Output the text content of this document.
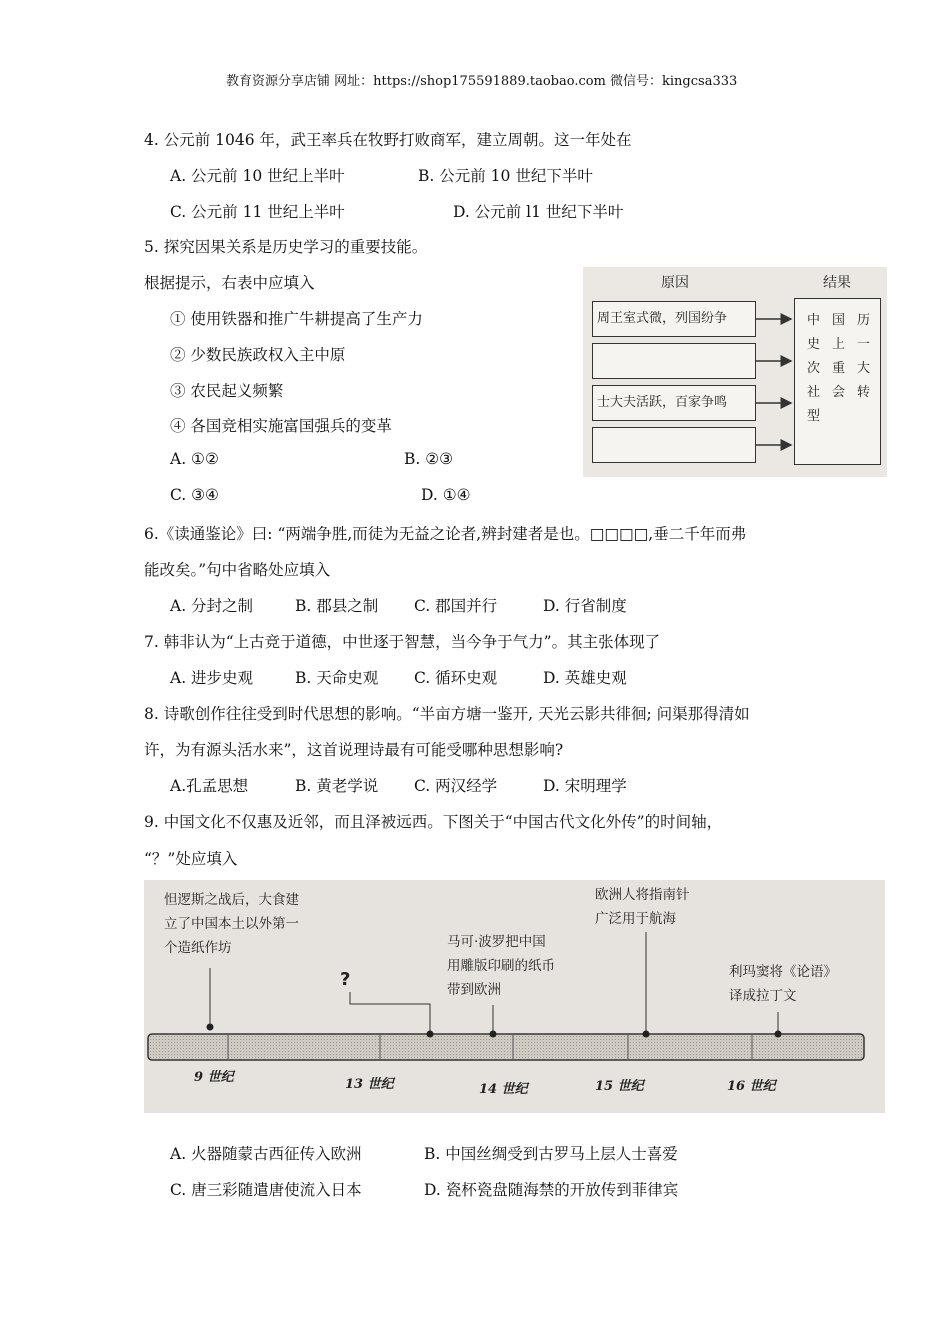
教育资源分享店铺 网址：https://shop175591889.taobao.com 微信号：kingcsa333
4. 公元前 1046 年，武王率兵在牧野打败商军，建立周朝。这一年处在
A. 公元前 10 世纪上半叶	B. 公元前 10 世纪下半叶
C. 公元前 11 世纪上半叶	D. 公元前 l1 世纪下半叶
5. 探究因果关系是历史学习的重要技能。
根据提示，右表中应填入
① 使用铁器和推广牛耕提高了生产力
② 少数民族政权入主中原
③ 农民起义频繁
④ 各国竞相实施富国强兵的变革
A. ①②	B. ②③
C. ③④	D. ①④
原因	结果
周王室式微，列国纷争
士大夫活跃，百家争鸣
中 国 历
史 上 一
次 重 大
社 会 转
型
6.《读通鉴论》曰: “两端争胜,而徒为无益之论者,辨封建者是也。□□□□,垂二千年而弗
能改矣。”句中省略处应填入
A. 分封之制	B. 郡县之制 C. 郡国并行	D. 行省制度
7. 韩非认为“上古竞于道德，中世逐于智慧，当今争于气力”。其主张体现了
A. 进步史观	B. 天命史观 C. 循环史观	D. 英雄史观
8. 诗歌创作往往受到时代思想的影响。“半亩方塘一鉴开, 天光云影共徘徊; 问渠那得清如
许，为有源头活水来”，这首说理诗最有可能受哪种思想影响?
A.孔孟思想	B. 黄老学说 C. 两汉经学	D. 宋明理学
9. 中国文化不仅惠及近邻，而且泽被远西。下图关于“中国古代文化外传”的时间轴，
“？”处应填入
怛逻斯之战后，大食建
立了中国本土以外第一
个造纸作坊
?
马可·波罗把中国
用雕版印刷的纸币
带到欧洲
欧洲人将指南针
广泛用于航海
利玛窦将《论语》
译成拉丁文
9 世纪	13 世纪	14 世纪	15 世纪	16 世纪
A. 火器随蒙古西征传入欧洲	B. 中国丝绸受到古罗马上层人士喜爱
C. 唐三彩随遣唐使流入日本	D. 瓷杯瓷盘随海禁的开放传到菲律宾
